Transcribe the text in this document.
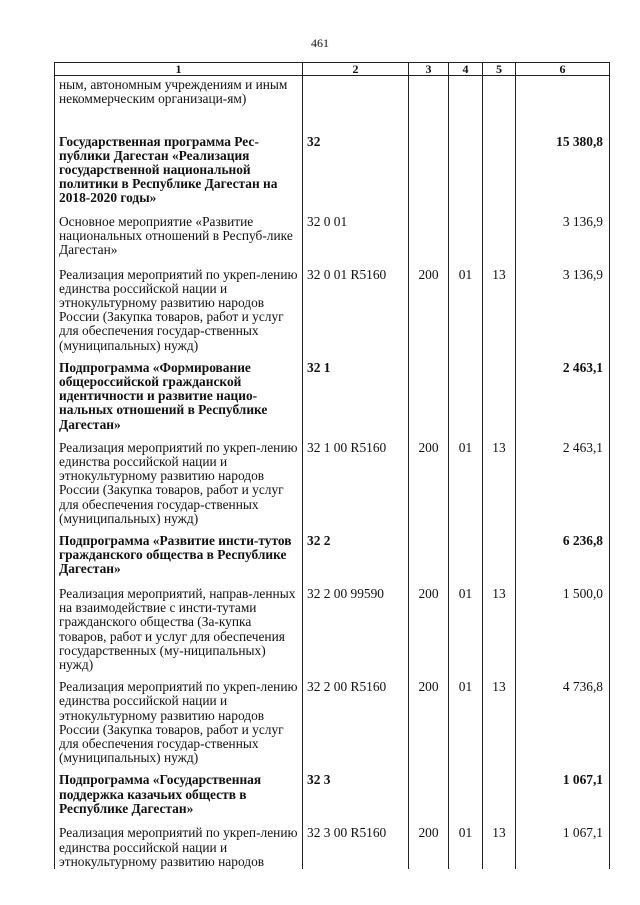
461
1	2	3	4	5	6
ным, автономным учреждениям и иным некоммерческим организаци-ям)					
Государственная программа Рес-публики Дагестан «Реализация государственной национальной политики в Республике Дагестан на 2018-2020 годы»	32				15 380,8
Основное мероприятие «Развитие национальных отношений в Респуб-лике Дагестан»	32 0 01				3 136,9
Реализация мероприятий по укреп-лению единства российской нации и этнокультурному развитию народов России (Закупка товаров, работ и услуг для обеспечения государ-ственных (муниципальных) нужд)	32 0 01 R5160	200	01	13	3 136,9
Подпрограмма «Формирование общероссийской гражданской идентичности и развитие нацио-нальных отношений в Республике Дагестан»	32 1				2 463,1
Реализация мероприятий по укреп-лению единства российской нации и этнокультурному развитию народов России (Закупка товаров, работ и услуг для обеспечения государ-ственных (муниципальных) нужд)	32 1 00 R5160	200	01	13	2 463,1
Подпрограмма «Развитие инсти-тутов гражданского общества в Республике Дагестан»	32 2				6 236,8
Реализация мероприятий, направ-ленных на взаимодействие с инсти-тутами гражданского общества (За-купка товаров, работ и услуг для обеспечения государственных (му-ниципальных) нужд)	32 2 00 99590	200	01	13	1 500,0
Реализация мероприятий по укреп-лению единства российской нации и этнокультурному развитию народов России (Закупка товаров, работ и услуг для обеспечения государ-ственных (муниципальных) нужд)	32 2 00 R5160	200	01	13	4 736,8
Подпрограмма «Государственная поддержка казачьих обществ в Республике Дагестан»	32 3				1 067,1
Реализация мероприятий по укреп-лению единства российской нации и этнокультурному развитию народов	32 3 00 R5160	200	01	13	1 067,1
